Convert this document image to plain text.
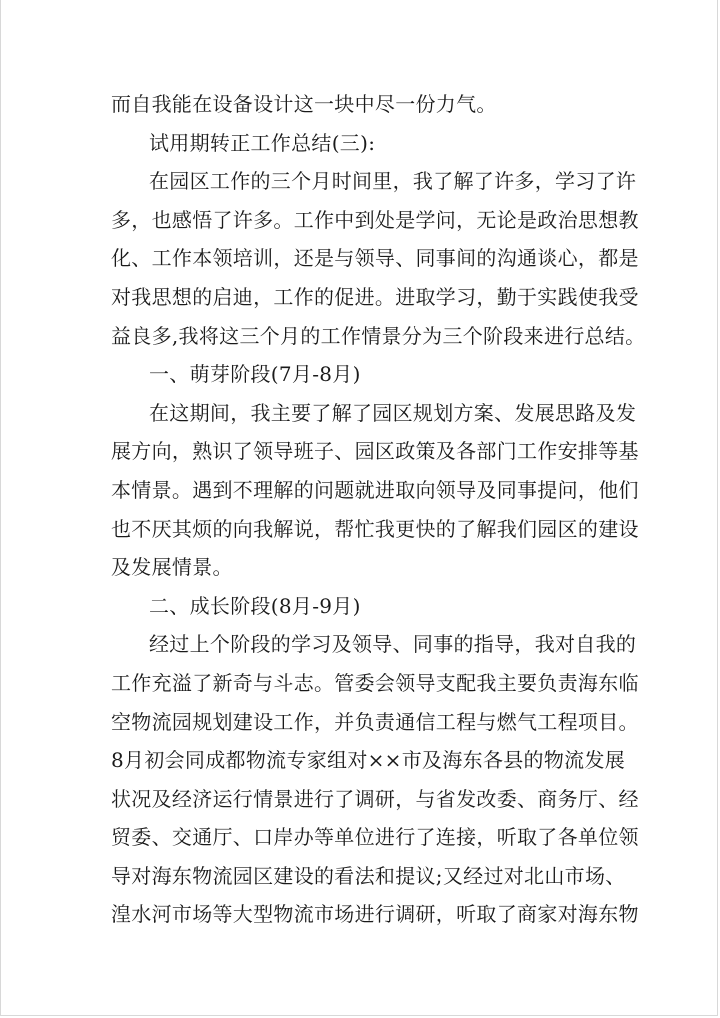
而自我能在设备设计这一块中尽一份力气。
试用期转正工作总结(三):
在园区工作的三个月时间里，我了解了许多，学习了许
多，也感悟了许多。工作中到处是学问，无论是政治思想教
化、工作本领培训，还是与领导、同事间的沟通谈心，都是
对我思想的启迪，工作的促进。进取学习，勤于实践使我受
益良多,我将这三个月的工作情景分为三个阶段来进行总结。
一、萌芽阶段(7月-8月)
在这期间，我主要了解了园区规划方案、发展思路及发
展方向，熟识了领导班子、园区政策及各部门工作安排等基
本情景。遇到不理解的问题就进取向领导及同事提问，他们
也不厌其烦的向我解说，帮忙我更快的了解我们园区的建设
及发展情景。
二、成长阶段(8月-9月)
经过上个阶段的学习及领导、同事的指导，我对自我的
工作充溢了新奇与斗志。管委会领导支配我主要负责海东临
空物流园规划建设工作，并负责通信工程与燃气工程项目。
8月初会同成都物流专家组对××市及海东各县的物流发展
状况及经济运行情景进行了调研，与省发改委、商务厅、经
贸委、交通厅、口岸办等单位进行了连接，听取了各单位领
导对海东物流园区建设的看法和提议;又经过对北山市场、
湟水河市场等大型物流市场进行调研，听取了商家对海东物
